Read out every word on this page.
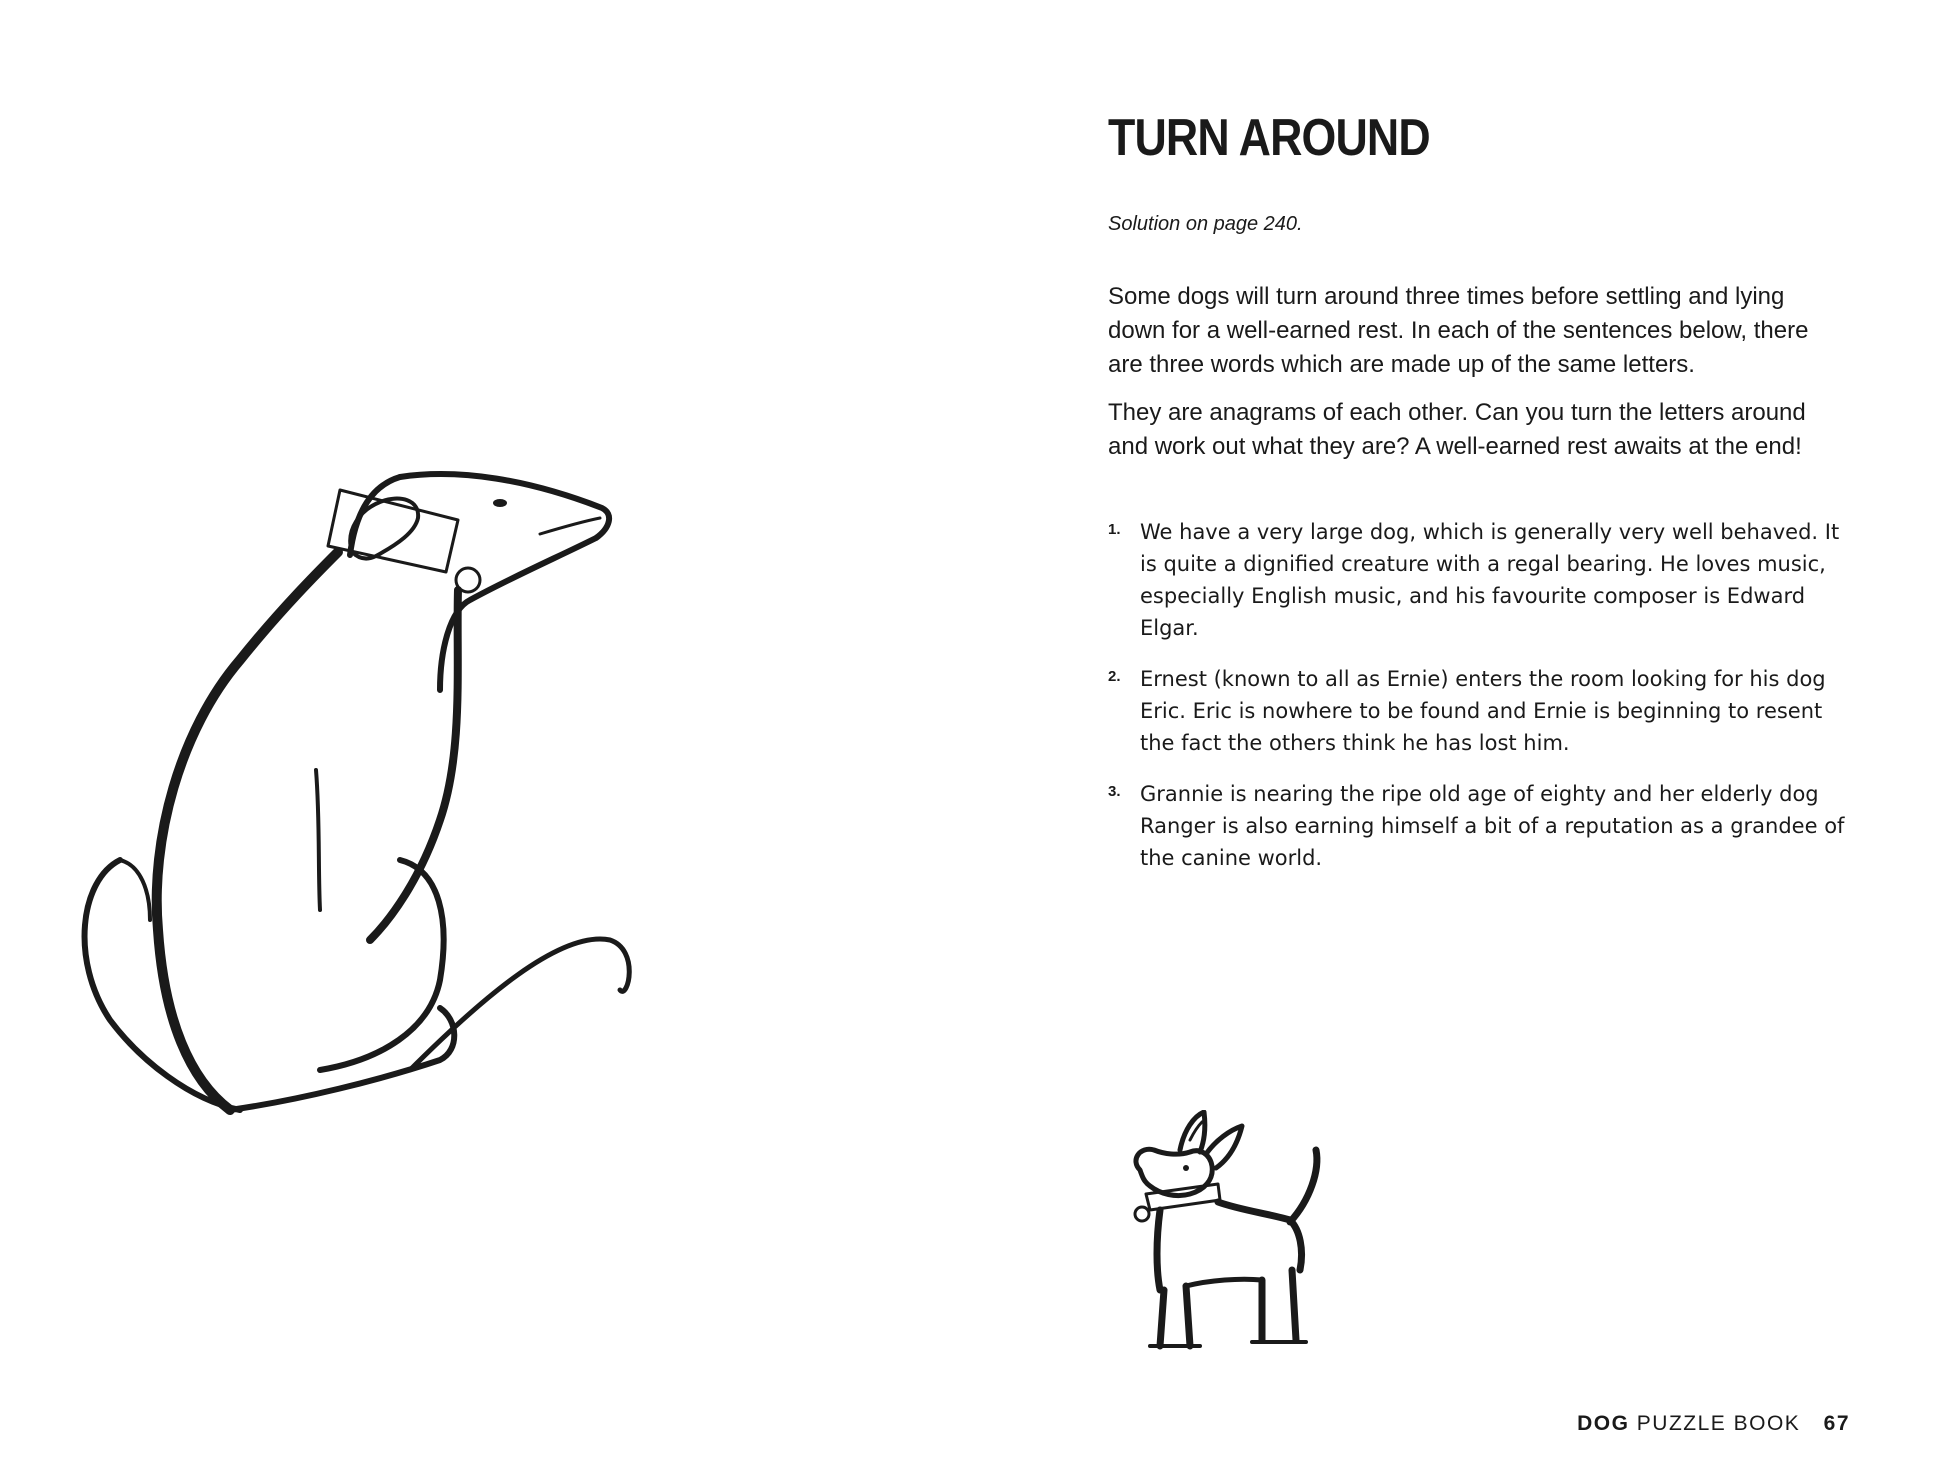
TURN AROUND
Solution on page 240.

Some dogs will turn around three times before settling and lying down for a well-earned rest. In each of the sentences below, there are three words which are made up of the same letters.

They are anagrams of each other. Can you turn the letters around and work out what they are? A well-earned rest awaits at the end!

1. We have a very large dog, which is generally very well behaved. It is quite a dignified creature with a regal bearing. He loves music, especially English music, and his favourite composer is Edward Elgar.
2. Ernest (known to all as Ernie) enters the room looking for his dog Eric. Eric is nowhere to be found and Ernie is beginning to resent the fact the others think he has lost him.
3. Grannie is nearing the ripe old age of eighty and her elderly dog Ranger is also earning himself a bit of a reputation as a grandee of the canine world.
DOG PUZZLE BOOK 67
